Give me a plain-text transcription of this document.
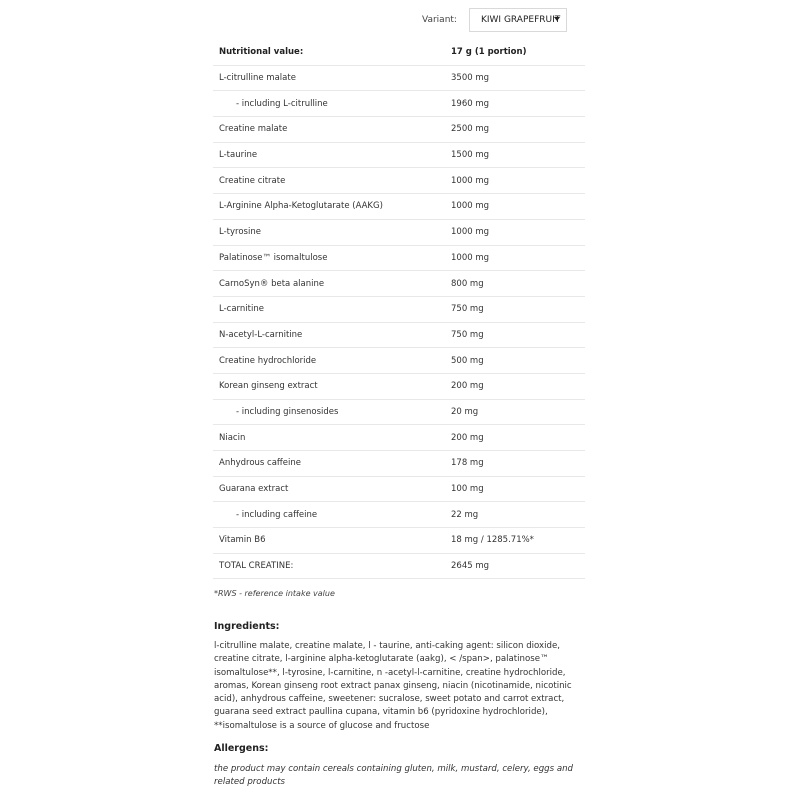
Variant:	KIWI GRAPEFRUIT
Nutritional value:	17 g (1 portion)
L-citrulline malate	3500 mg
- including L-citrulline	1960 mg
Creatine malate	2500 mg
L-taurine	1500 mg
Creatine citrate	1000 mg
L-Arginine Alpha-Ketoglutarate (AAKG)	1000 mg
L-tyrosine	1000 mg
Palatinose™ isomaltulose	1000 mg
CarnoSyn® beta alanine	800 mg
L-carnitine	750 mg
N-acetyl-L-carnitine	750 mg
Creatine hydrochloride	500 mg
Korean ginseng extract	200 mg
- including ginsenosides	20 mg
Niacin	200 mg
Anhydrous caffeine	178 mg
Guarana extract	100 mg
- including caffeine	22 mg
Vitamin B6	18 mg / 1285.71%*
TOTAL CREATINE:	2645 mg
*RWS - reference intake value
Ingredients:
l-citrulline malate, creatine malate, l - taurine, anti-caking agent: silicon dioxide, creatine citrate, l-arginine alpha-ketoglutarate (aakg), < /span>, palatinose™ isomaltulose**, l-tyrosine, l-carnitine, n -acetyl-l-carnitine, creatine hydrochloride, aromas, Korean ginseng root extract panax ginseng, niacin (nicotinamide, nicotinic acid), anhydrous caffeine, sweetener: sucralose, sweet potato and carrot extract, guarana seed extract paullina cupana, vitamin b6 (pyridoxine hydrochloride), **isomaltulose is a source of glucose and fructose
Allergens:
the product may contain cereals containing gluten, milk, mustard, celery, eggs and related products
